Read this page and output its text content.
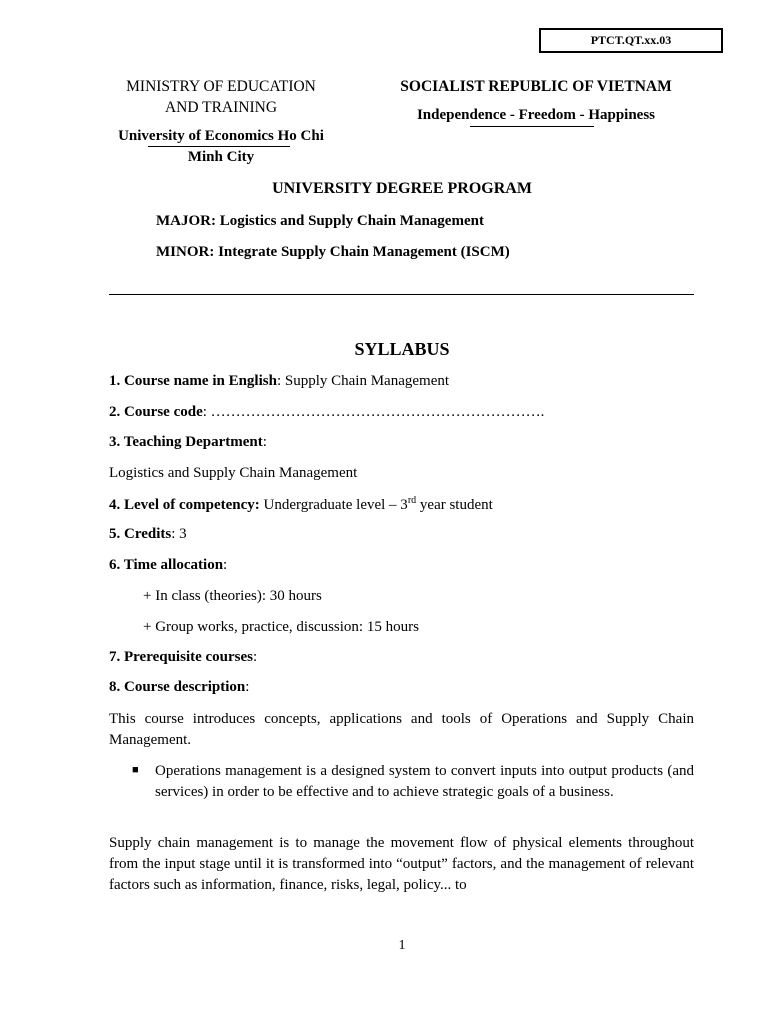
PTCT.QT.xx.03
MINISTRY OF EDUCATION
AND TRAINING
University of Economics Ho Chi
Minh City
SOCIALIST REPUBLIC OF VIETNAM
Independence - Freedom - Happiness
UNIVERSITY DEGREE PROGRAM
MAJOR: Logistics and Supply Chain Management
MINOR: Integrate Supply Chain Management (ISCM)
SYLLABUS
1. Course name in English: Supply Chain Management
2. Course code: ………………………………………………………….
3. Teaching Department:
Logistics and Supply Chain Management
4. Level of competency: Undergraduate level – 3rd year student
5. Credits: 3
6. Time allocation:
+ In class (theories): 30 hours
+ Group works, practice, discussion: 15 hours
7. Prerequisite courses:
8. Course description:
This course introduces concepts, applications and tools of Operations and Supply Chain Management.
■ Operations management is a designed system to convert inputs into output products (and services) in order to be effective and to achieve strategic goals of a business.
Supply chain management is to manage the movement flow of physical elements throughout from the input stage until it is transformed into “output” factors, and the management of relevant factors such as information, finance, risks, legal, policy... to
1
